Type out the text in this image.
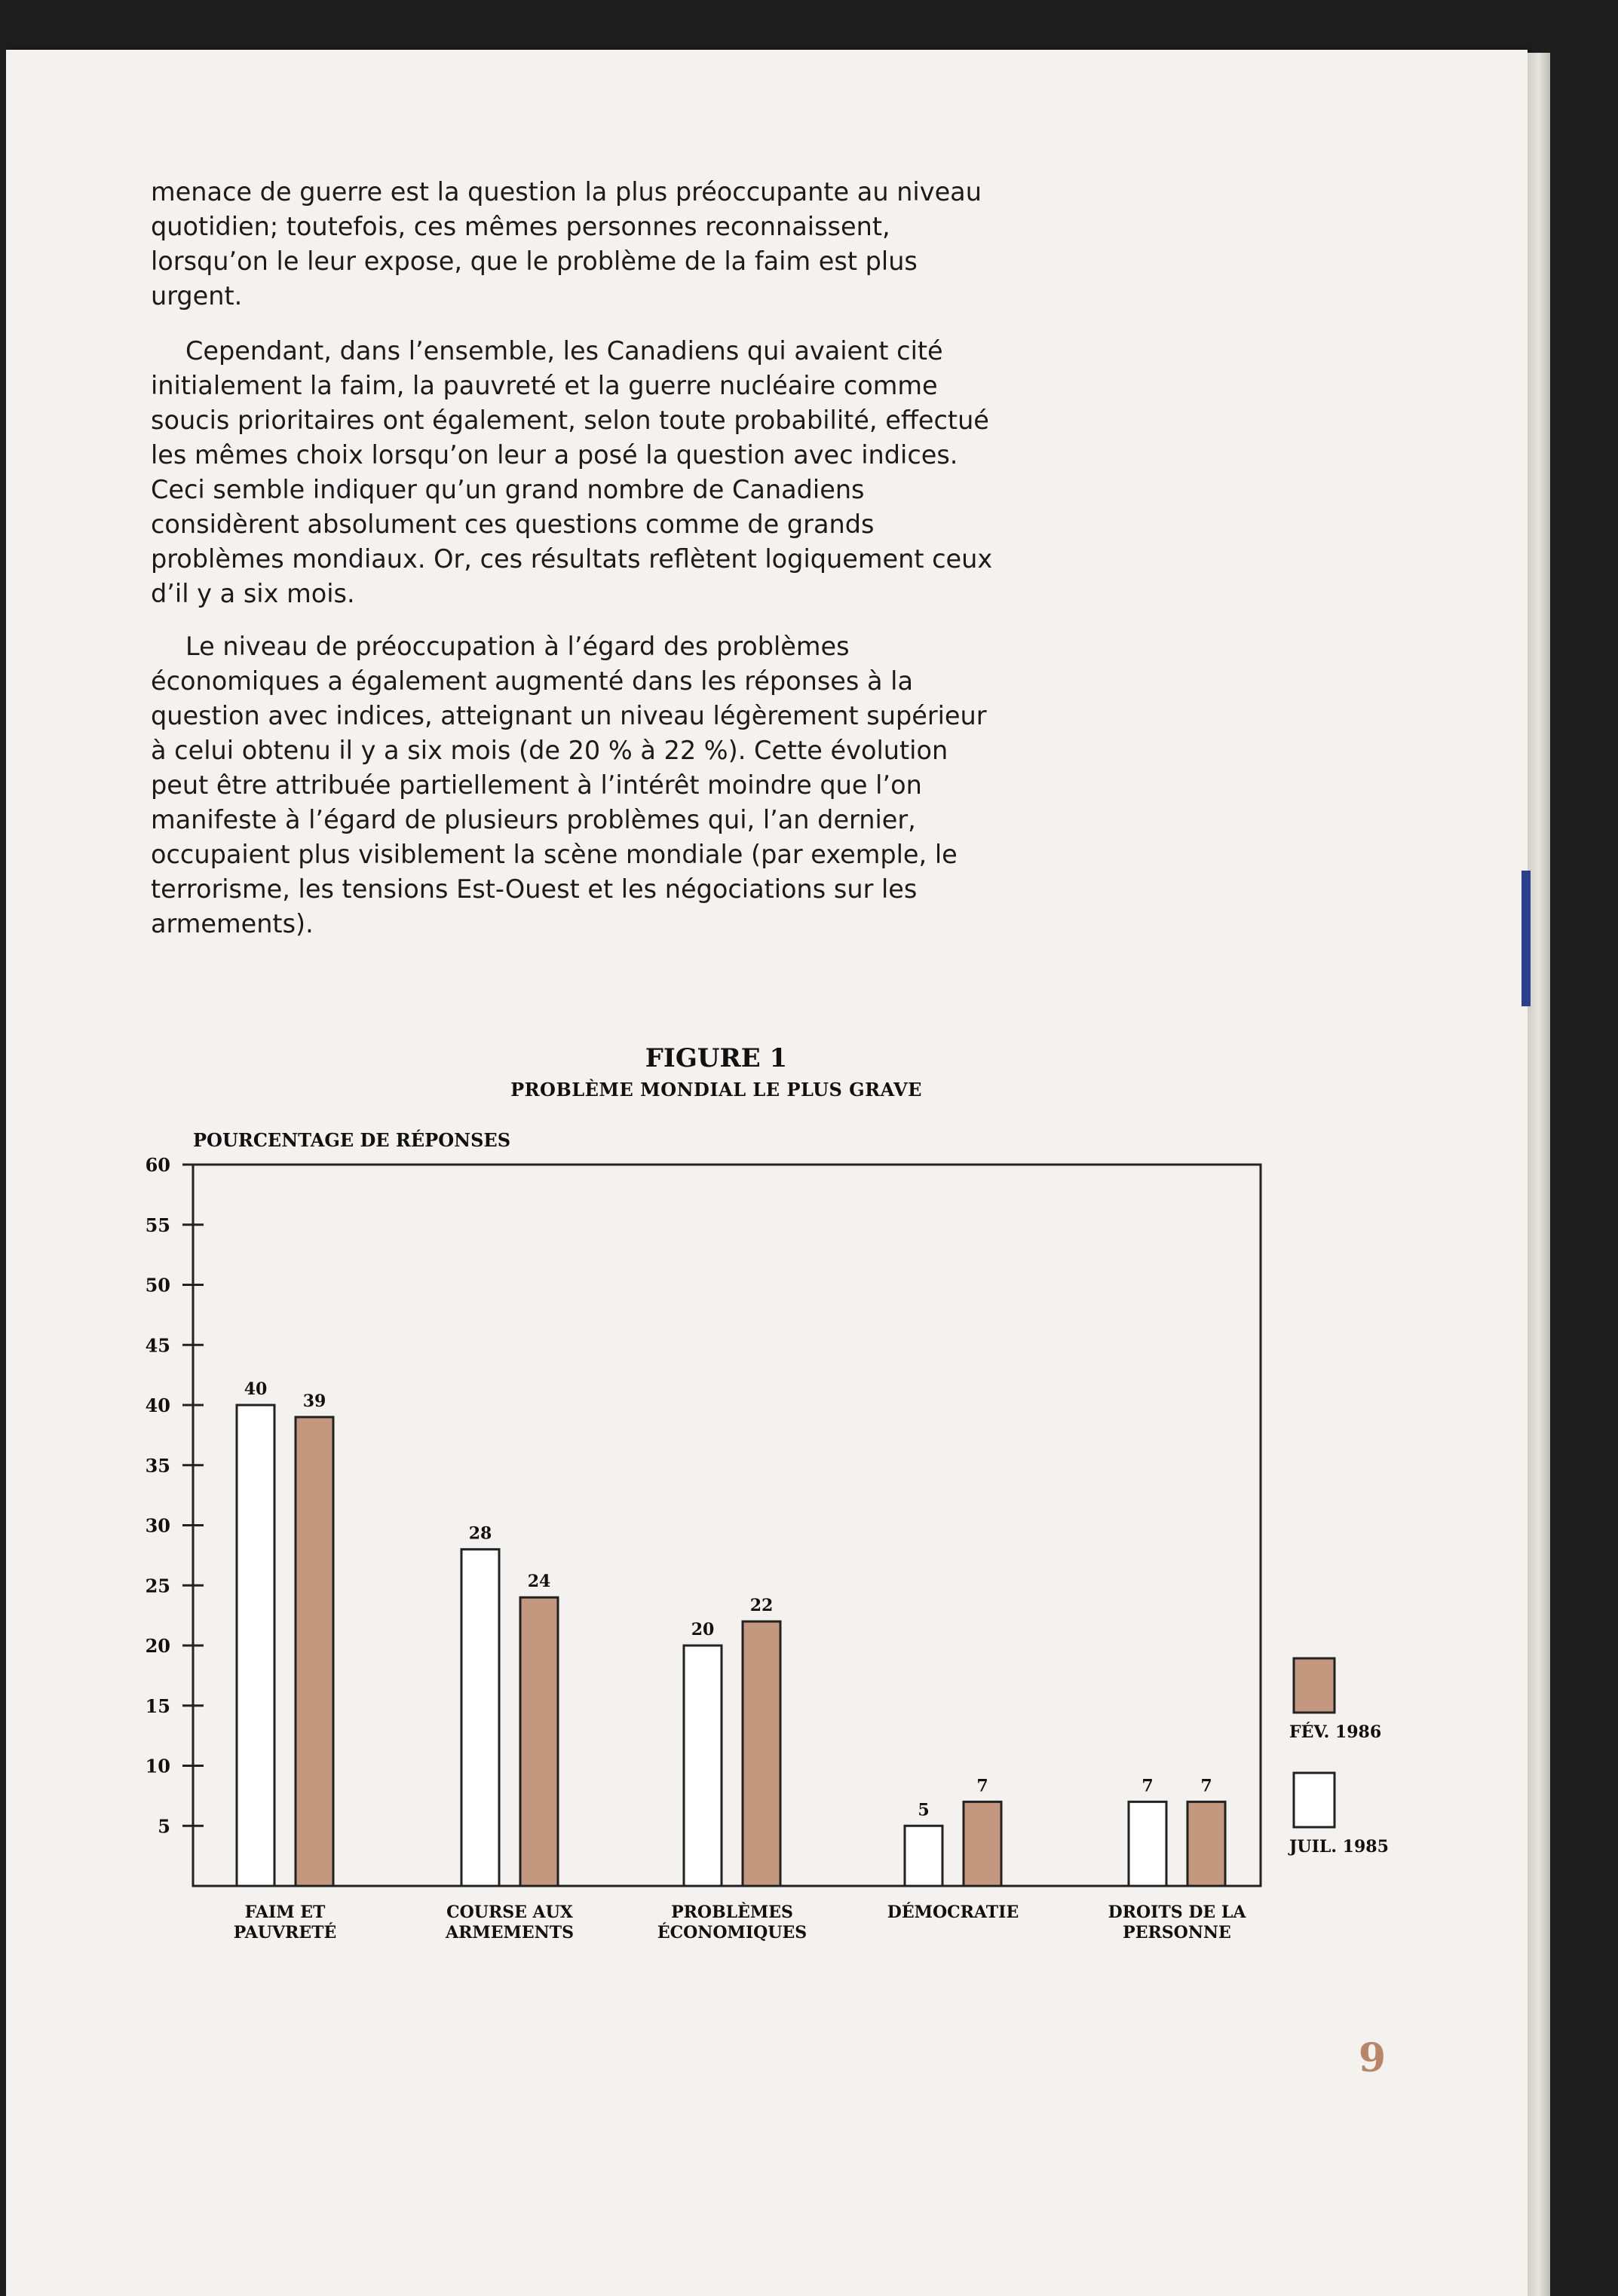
menace de guerre est la question la plus préoccupante au niveau quotidien; toutefois, ces mêmes personnes reconnaissent, lorsqu’on le leur expose, que le problème de la faim est plus urgent.

Cependant, dans l’ensemble, les Canadiens qui avaient cité initialement la faim, la pauvreté et la guerre nucléaire comme soucis prioritaires ont également, selon toute probabilité, effectué les mêmes choix lorsqu’on leur a posé la question avec indices. Ceci semble indiquer qu’un grand nombre de Canadiens considèrent absolument ces questions comme de grands problèmes mondiaux. Or, ces résultats reflètent logiquement ceux d’il y a six mois.

Le niveau de préoccupation à l’égard des problèmes économiques a également augmenté dans les réponses à la question avec indices, atteignant un niveau légèrement supérieur à celui obtenu il y a six mois (de 20 % à 22 %). Cette évolution peut être attribuée partiellement à l’intérêt moindre que l’on manifeste à l’égard de plusieurs problèmes qui, l’an dernier, occupaient plus visiblement la scène mondiale (par exemple, le terrorisme, les tensions Est-Ouest et les négociations sur les armements).

FIGURE 1
PROBLÈME MONDIAL LE PLUS GRAVE
POURCENTAGE DE RÉPONSES
5
10
15
20
25
30
35
40
45
50
55
60
40
39
FAIM ET
PAUVRETÉ
28
24
COURSE AUX
ARMEMENTS
20
22
PROBLÈMES
ÉCONOMIQUES
5
7
DÉMOCRATIE
7	7
DROITS DE LA
PERSONNE
FÉV. 1986
JUIL. 1985
9
